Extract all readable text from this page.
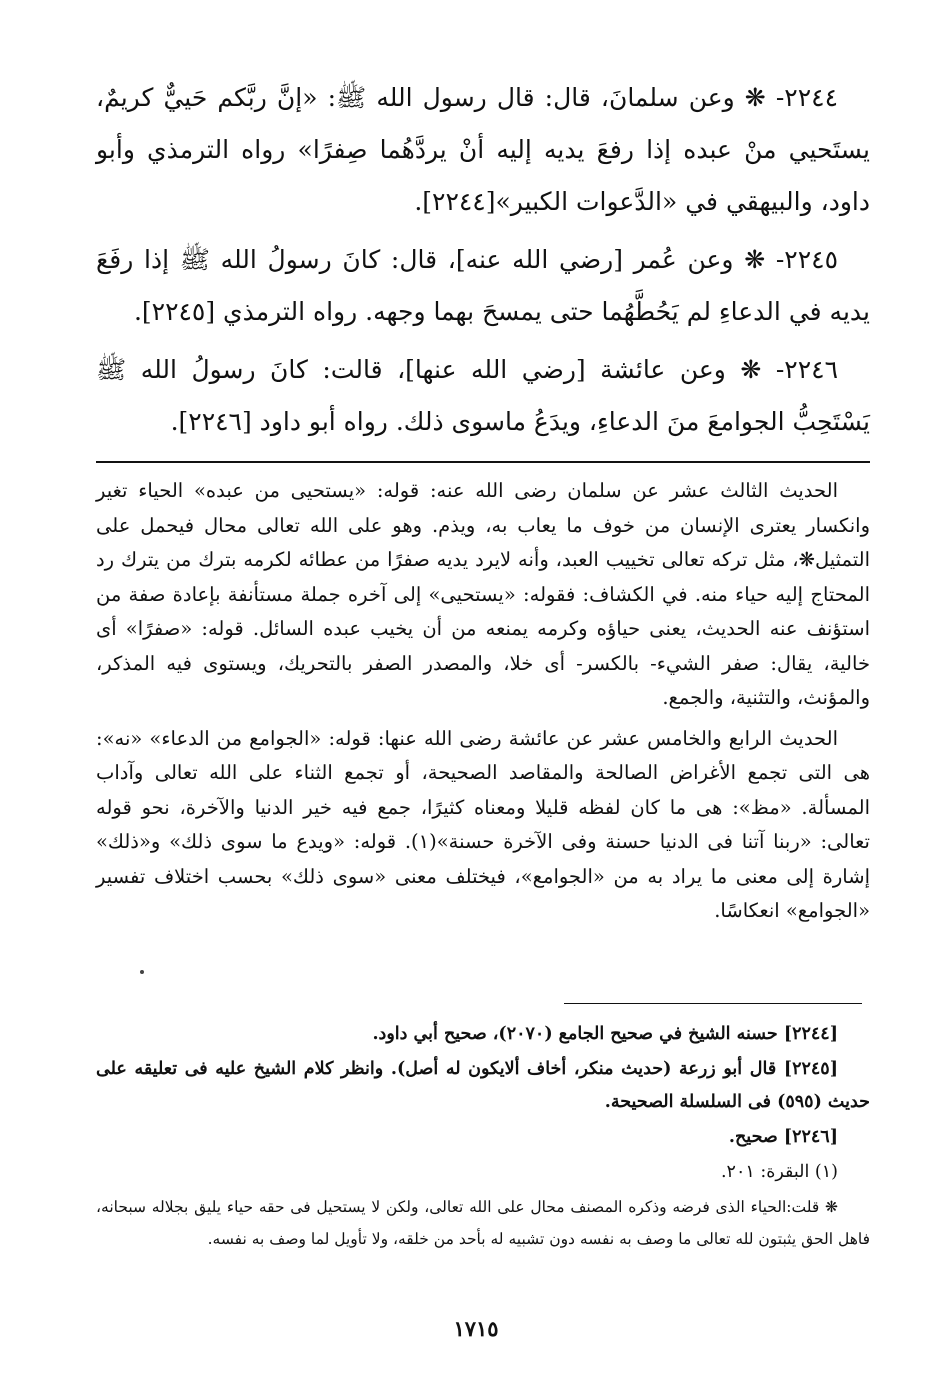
٢٢٤٤- ❋ وعن سلمانَ، قال: قال رسول الله ﷺ: «إنَّ ربَّكم حَييٌّ كريمٌ، يستَحيي منْ عبده إذا رفعَ يديه إليه أنْ يردَّهُما صِفرًا» رواه الترمذي وأبو داود، والبيهقي في «الدَّعوات الكبير»[٢٢٤٤].

٢٢٤٥- ❋ وعن عُمر [رضي الله عنه]، قال: كانَ رسولُ الله ﷺ إذا رفَعَ يديه في الدعاءِ لم يَحُطَّهُما حتى يمسحَ بهما وجهه. رواه الترمذي [٢٢٤٥].

٢٢٤٦- ❋ وعن عائشة [رضي الله عنها]، قالت: كانَ رسولُ الله ﷺ يَسْتَحِبُّ الجوامعَ منَ الدعاءِ، ويدَعُ ماسوى ذلك. رواه أبو داود [٢٢٤٦].

الحديث الثالث عشر عن سلمان رضى الله عنه: قوله: «يستحيى من عبده» الحياء تغير وانكسار يعترى الإنسان من خوف ما يعاب به، ويذم. وهو على الله تعالى محال فيحمل على التمثيل❋، مثل تركه تعالى تخييب العبد، وأنه لايرد يديه صفرًا من عطائه لكرمه بترك من يترك رد المحتاج إليه حياء منه. في الكشاف: فقوله: «يستحيى» إلى آخره جملة مستأنفة بإعادة صفة من استؤنف عنه الحديث، يعنى حياؤه وكرمه يمنعه من أن يخيب عبده السائل. قوله: «صفرًا» أى خالية، يقال: صفر الشيء- بالكسر- أى خلا، والمصدر الصفر بالتحريك، ويستوى فيه المذكر، والمؤنث، والتثنية، والجمع.

الحديث الرابع والخامس عشر عن عائشة رضى الله عنها: قوله: «الجوامع من الدعاء» «نه»: هى التى تجمع الأغراض الصالحة والمقاصد الصحيحة، أو تجمع الثناء على الله تعالى وآداب المسألة. «مظ»: هى ما كان لفظه قليلا ومعناه كثيرًا، جمع فيه خير الدنيا والآخرة، نحو قوله تعالى: «ربنا آتنا فى الدنيا حسنة وفى الآخرة حسنة»(١). قوله: «ويدع ما سوى ذلك» و«ذلك» إشارة إلى معنى ما يراد به من «الجوامع»، فيختلف معنى «سوى ذلك» بحسب اختلاف تفسير «الجوامع» انعكاسًا.

[٢٢٤٤] حسنه الشيخ في صحيح الجامع (٢٠٧٠)، صحيح أبي داود.

[٢٢٤٥] قال أبو زرعة (حديث منكر، أخاف ألايكون له أصل). وانظر كلام الشيخ عليه فى تعليقه على حديث (٥٩٥) فى السلسلة الصحيحة.

[٢٢٤٦] صحيح.

(١) البقرة: ٢٠١.

❋ قلت:الحياء الذى فرضه وذكره المصنف محال على الله تعالى، ولكن لا يستحيل فى حقه حياء يليق بجلاله سبحانه، فاهل الحق يثبتون لله تعالى ما وصف به نفسه دون تشبيه له بأحد من خلقه، ولا تأويل لما وصف به نفسه.

١٧١٥
